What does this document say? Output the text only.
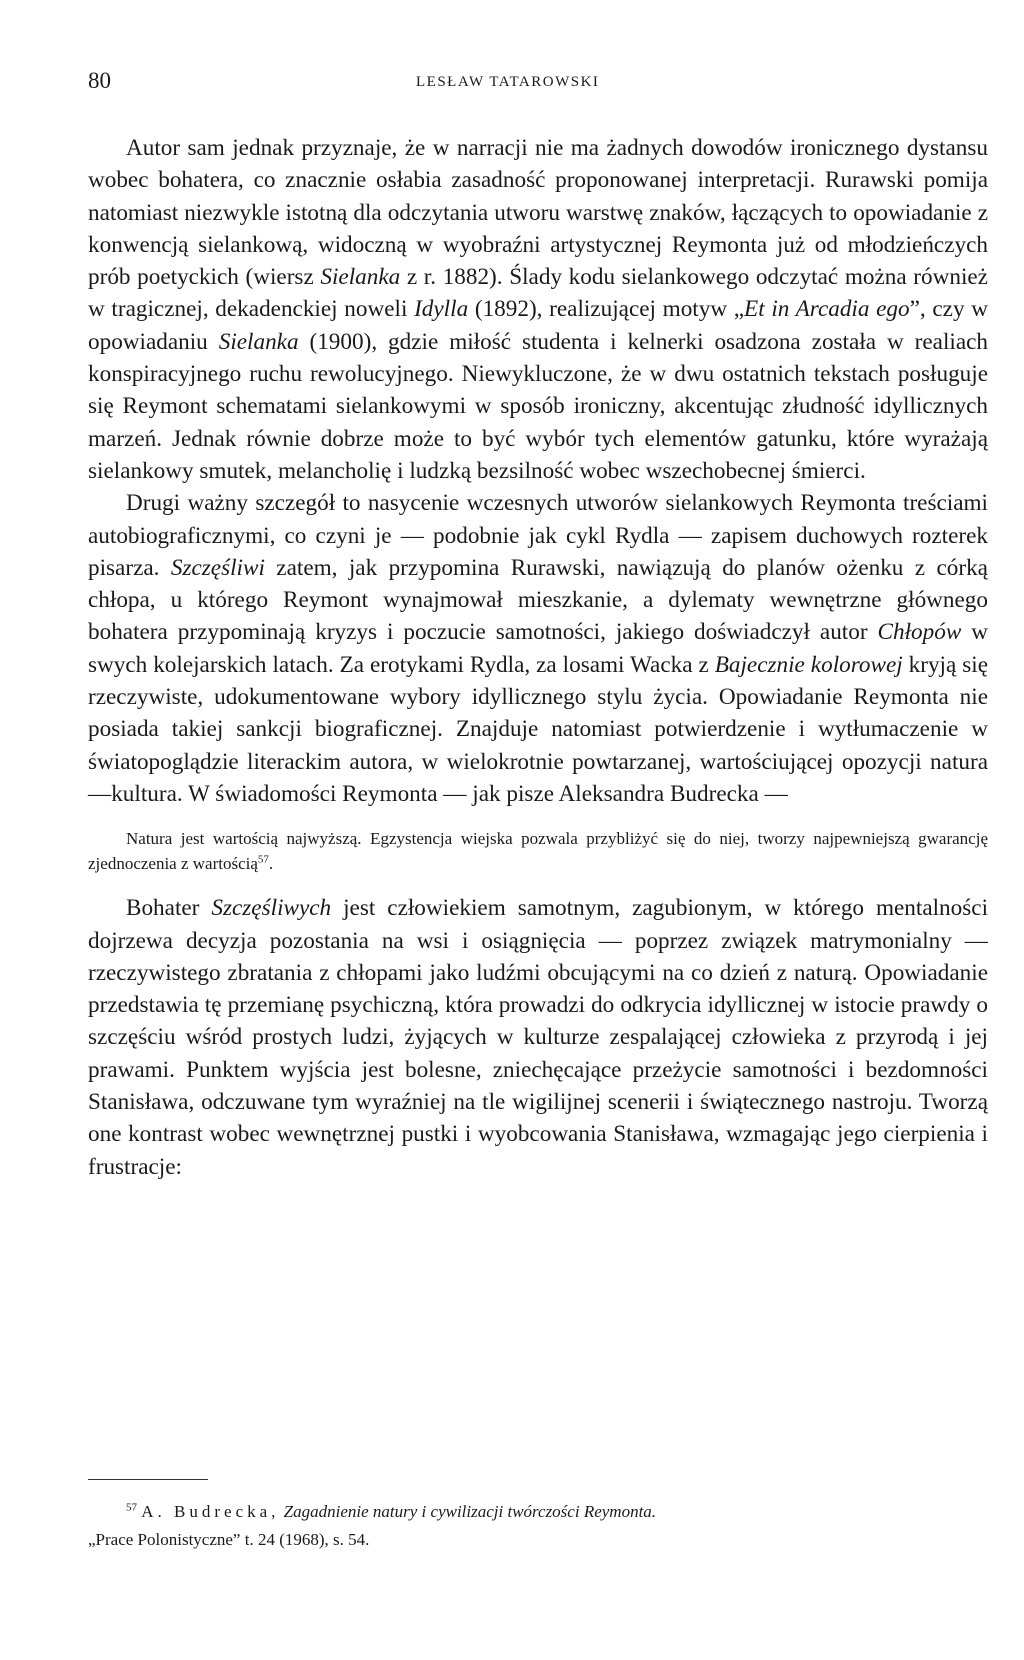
80	LESŁAW TATAROWSKI

Autor sam jednak przyznaje, że w narracji nie ma żadnych dowodów ironicznego dystansu wobec bohatera, co znacznie osłabia zasadność proponowanej interpretacji. Rurawski pomija natomiast niezwykle istotną dla odczytania utworu warstwę znaków, łączących to opowiadanie z konwencją sielankową, widoczną w wyobraźni artystycznej Reymonta już od młodzieńczych prób poetyckich (wiersz Sielanka z r. 1882). Ślady kodu sielankowego odczytać można również w tragicznej, dekadenckiej noweli Idylla (1892), realizującej motyw „Et in Arcadia ego”, czy w opowiadaniu Sielanka (1900), gdzie miłość studenta i kelnerki osadzona została w realiach konspiracyjnego ruchu rewolucyjnego. Niewykluczone, że w dwu ostatnich tekstach posługuje się Reymont schematami sielankowymi w sposób ironiczny, akcentując złudność idyllicznych marzeń. Jednak równie dobrze może to być wybór tych elementów gatunku, które wyrażają sielankowy smutek, melancholię i ludzką bezsilność wobec wszechobecnej śmierci.

Drugi ważny szczegół to nasycenie wczesnych utworów sielankowych Reymonta treściami autobiograficznymi, co czyni je — podobnie jak cykl Rydla — zapisem duchowych rozterek pisarza. Szczęśliwi zatem, jak przypomina Rurawski, nawiązują do planów ożenku z córką chłopa, u którego Reymont wynajmował mieszkanie, a dylematy wewnętrzne głównego bohatera przypominają kryzys i poczucie samotności, jakiego doświadczył autor Chłopów w swych kolejarskich latach. Za erotykami Rydla, za losami Wacka z Bajecznie kolorowej kryją się rzeczywiste, udokumentowane wybory idyllicznego stylu życia. Opowiadanie Reymonta nie posiada takiej sankcji biograficznej. Znajduje natomiast potwierdzenie i wytłumaczenie w światopoglądzie literackim autora, w wielokrotnie powtarzanej, wartościującej opozycji natura—kultura. W świadomości Reymonta — jak pisze Aleksandra Budrecka —

Natura jest wartością najwyższą. Egzystencja wiejska pozwala przybliżyć się do niej, tworzy najpewniejszą gwarancję zjednoczenia z wartością$^{57}$.

Bohater Szczęśliwych jest człowiekiem samotnym, zagubionym, w którego mentalności dojrzewa decyzja pozostania na wsi i osiągnięcia — poprzez związek matrymonialny — rzeczywistego zbratania z chłopami jako ludźmi obcującymi na co dzień z naturą. Opowiadanie przedstawia tę przemianę psychiczną, która prowadzi do odkrycia idyllicznej w istocie prawdy o szczęściu wśród prostych ludzi, żyjących w kulturze zespalającej człowieka z przyrodą i jej prawami. Punktem wyjścia jest bolesne, zniechęcające przeżycie samotności i bezdomności Stanisława, odczuwane tym wyraźniej na tle wigilijnej scenerii i świątecznego nastroju. Tworzą one kontrast wobec wewnętrznej pustki i wyobcowania Stanisława, wzmagając jego cierpienia i frustracje:

$^{57}$ A. Budrecka, Zagadnienie natury i cywilizacji twórczości Reymonta.
„Prace Polonistyczne” t. 24 (1968), s. 54.
